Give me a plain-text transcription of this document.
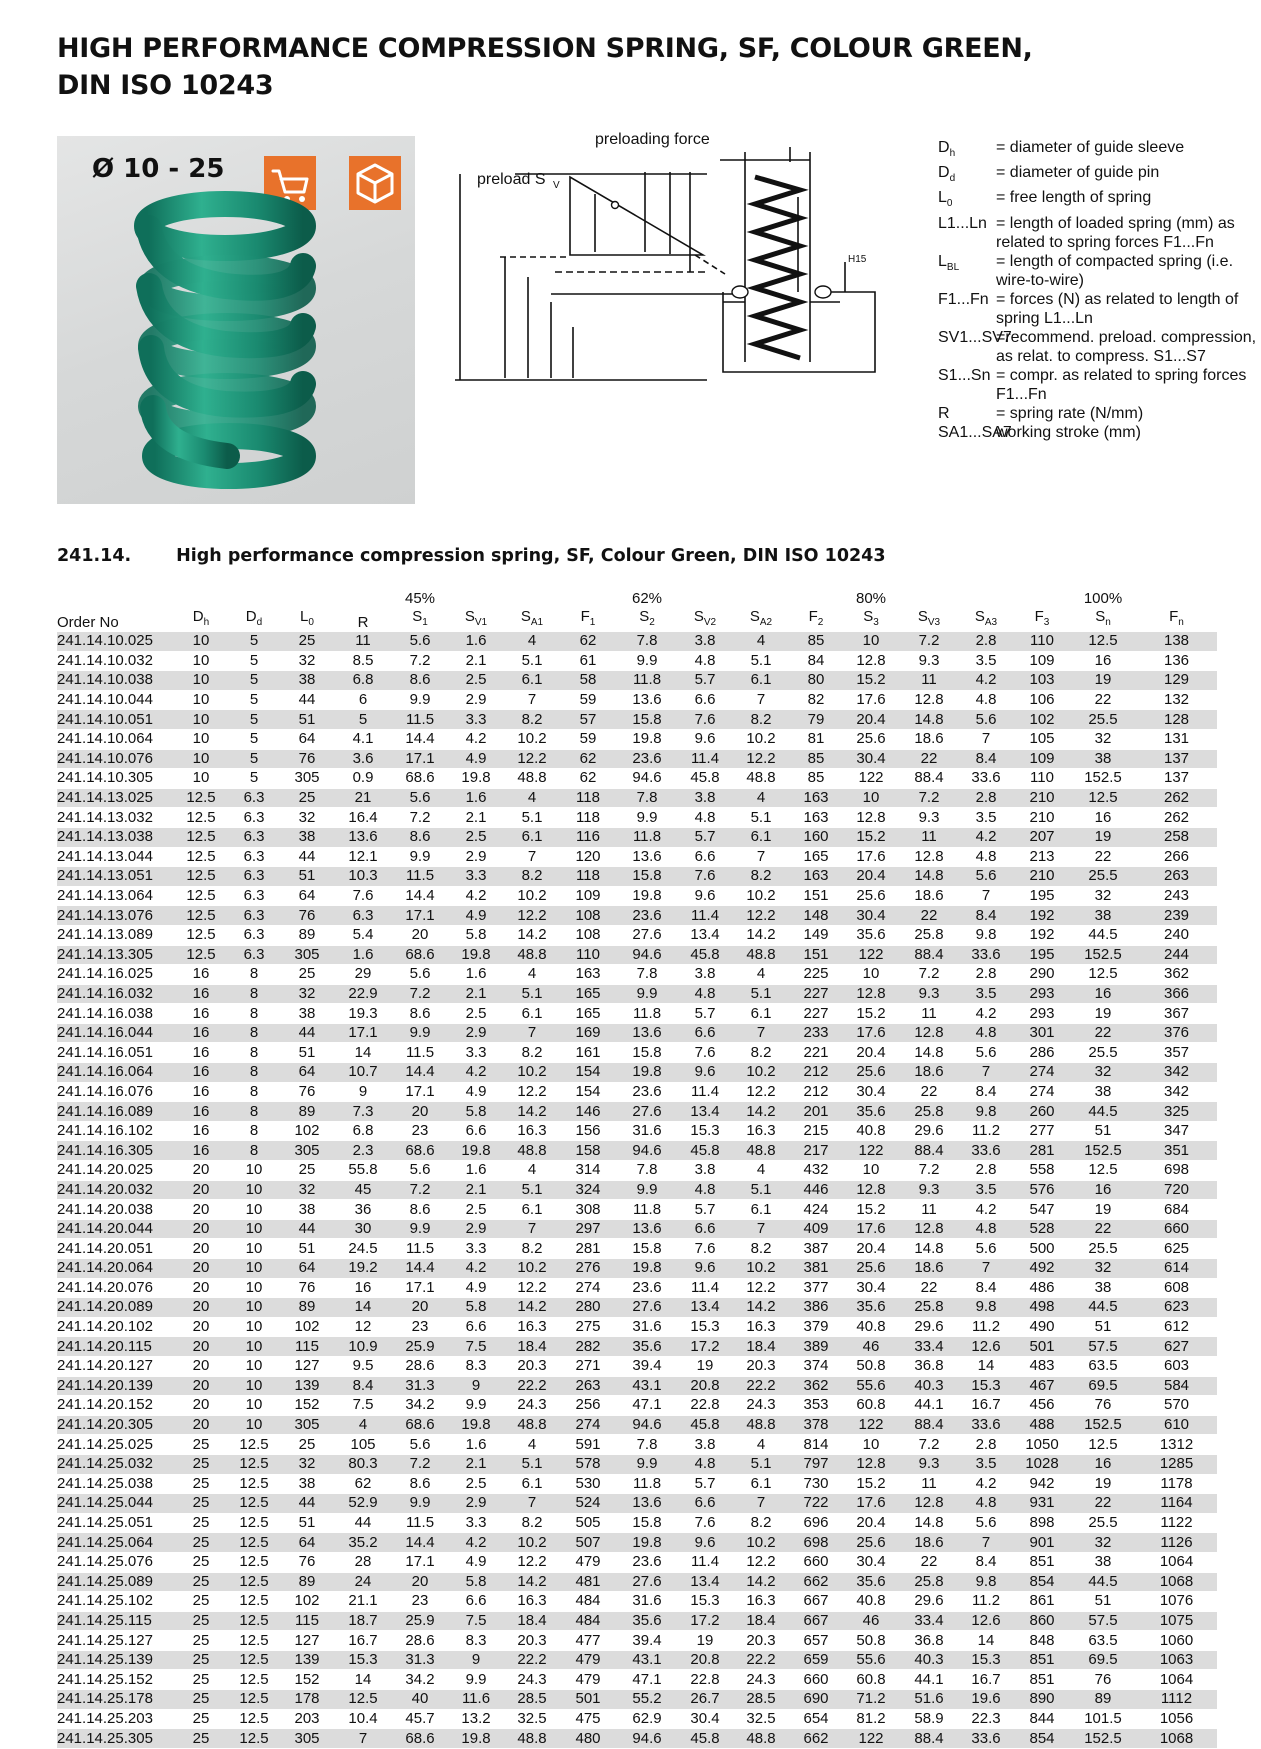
HIGH PERFORMANCE COMPRESSION SPRING, SF, COLOUR GREEN,
DIN ISO 10243
Ø 10 - 25
preloading force
preload S V
H15
$D_h$	= diameter of guide sleeve
$D_d$	= diameter of guide pin
$L_0$	= free length of spring
L1...Ln = length of loaded spring (mm) as related to spring forces F1...Fn
$L_{BL}$	= length of compacted spring (i.e. wire-to-wire)
F1...Fn = forces (N) as related to length of spring L1...Ln
SV1...SV7
=recommend. preload. compression, as relat. to compress. S1...S7
S1...Sn = compr. as related to spring forces F1...Fn
R	= spring rate (N/mm)
SA1...SA7
working stroke (mm)
241.14.	High performance compression spring, SF, Colour Green, DIN ISO 10243
					45%				62%				80%				100%	
Order No	$D_h$	$D_d$	$L_0$	R	$S_1$	$S_{V1}$	$S_{A1}$	$F_1$	$S_2$	$S_{V2}$	$S_{A2}$	$F_2$	$S_3$	$S_{V3}$	$S_{A3}$	$F_3$	$S_n$	$F_n$
241.14.10.025	10	5	25	11	5.6	1.6	4	62	7.8	3.8	4	85	10	7.2	2.8	110	12.5	138
241.14.10.032	10	5	32	8.5	7.2	2.1	5.1	61	9.9	4.8	5.1	84	12.8	9.3	3.5	109	16	136
241.14.10.038	10	5	38	6.8	8.6	2.5	6.1	58	11.8	5.7	6.1	80	15.2	11	4.2	103	19	129
241.14.10.044	10	5	44	6	9.9	2.9	7	59	13.6	6.6	7	82	17.6	12.8	4.8	106	22	132
241.14.10.051	10	5	51	5	11.5	3.3	8.2	57	15.8	7.6	8.2	79	20.4	14.8	5.6	102	25.5	128
241.14.10.064	10	5	64	4.1	14.4	4.2	10.2	59	19.8	9.6	10.2	81	25.6	18.6	7	105	32	131
241.14.10.076	10	5	76	3.6	17.1	4.9	12.2	62	23.6	11.4	12.2	85	30.4	22	8.4	109	38	137
241.14.10.305	10	5	305	0.9	68.6	19.8	48.8	62	94.6	45.8	48.8	85	122	88.4	33.6	110	152.5	137
241.14.13.025	12.5	6.3	25	21	5.6	1.6	4	118	7.8	3.8	4	163	10	7.2	2.8	210	12.5	262
241.14.13.032	12.5	6.3	32	16.4	7.2	2.1	5.1	118	9.9	4.8	5.1	163	12.8	9.3	3.5	210	16	262
241.14.13.038	12.5	6.3	38	13.6	8.6	2.5	6.1	116	11.8	5.7	6.1	160	15.2	11	4.2	207	19	258
241.14.13.044	12.5	6.3	44	12.1	9.9	2.9	7	120	13.6	6.6	7	165	17.6	12.8	4.8	213	22	266
241.14.13.051	12.5	6.3	51	10.3	11.5	3.3	8.2	118	15.8	7.6	8.2	163	20.4	14.8	5.6	210	25.5	263
241.14.13.064	12.5	6.3	64	7.6	14.4	4.2	10.2	109	19.8	9.6	10.2	151	25.6	18.6	7	195	32	243
241.14.13.076	12.5	6.3	76	6.3	17.1	4.9	12.2	108	23.6	11.4	12.2	148	30.4	22	8.4	192	38	239
241.14.13.089	12.5	6.3	89	5.4	20	5.8	14.2	108	27.6	13.4	14.2	149	35.6	25.8	9.8	192	44.5	240
241.14.13.305	12.5	6.3	305	1.6	68.6	19.8	48.8	110	94.6	45.8	48.8	151	122	88.4	33.6	195	152.5	244
241.14.16.025	16	8	25	29	5.6	1.6	4	163	7.8	3.8	4	225	10	7.2	2.8	290	12.5	362
241.14.16.032	16	8	32	22.9	7.2	2.1	5.1	165	9.9	4.8	5.1	227	12.8	9.3	3.5	293	16	366
241.14.16.038	16	8	38	19.3	8.6	2.5	6.1	165	11.8	5.7	6.1	227	15.2	11	4.2	293	19	367
241.14.16.044	16	8	44	17.1	9.9	2.9	7	169	13.6	6.6	7	233	17.6	12.8	4.8	301	22	376
241.14.16.051	16	8	51	14	11.5	3.3	8.2	161	15.8	7.6	8.2	221	20.4	14.8	5.6	286	25.5	357
241.14.16.064	16	8	64	10.7	14.4	4.2	10.2	154	19.8	9.6	10.2	212	25.6	18.6	7	274	32	342
241.14.16.076	16	8	76	9	17.1	4.9	12.2	154	23.6	11.4	12.2	212	30.4	22	8.4	274	38	342
241.14.16.089	16	8	89	7.3	20	5.8	14.2	146	27.6	13.4	14.2	201	35.6	25.8	9.8	260	44.5	325
241.14.16.102	16	8	102	6.8	23	6.6	16.3	156	31.6	15.3	16.3	215	40.8	29.6	11.2	277	51	347
241.14.16.305	16	8	305	2.3	68.6	19.8	48.8	158	94.6	45.8	48.8	217	122	88.4	33.6	281	152.5	351
241.14.20.025	20	10	25	55.8	5.6	1.6	4	314	7.8	3.8	4	432	10	7.2	2.8	558	12.5	698
241.14.20.032	20	10	32	45	7.2	2.1	5.1	324	9.9	4.8	5.1	446	12.8	9.3	3.5	576	16	720
241.14.20.038	20	10	38	36	8.6	2.5	6.1	308	11.8	5.7	6.1	424	15.2	11	4.2	547	19	684
241.14.20.044	20	10	44	30	9.9	2.9	7	297	13.6	6.6	7	409	17.6	12.8	4.8	528	22	660
241.14.20.051	20	10	51	24.5	11.5	3.3	8.2	281	15.8	7.6	8.2	387	20.4	14.8	5.6	500	25.5	625
241.14.20.064	20	10	64	19.2	14.4	4.2	10.2	276	19.8	9.6	10.2	381	25.6	18.6	7	492	32	614
241.14.20.076	20	10	76	16	17.1	4.9	12.2	274	23.6	11.4	12.2	377	30.4	22	8.4	486	38	608
241.14.20.089	20	10	89	14	20	5.8	14.2	280	27.6	13.4	14.2	386	35.6	25.8	9.8	498	44.5	623
241.14.20.102	20	10	102	12	23	6.6	16.3	275	31.6	15.3	16.3	379	40.8	29.6	11.2	490	51	612
241.14.20.115	20	10	115	10.9	25.9	7.5	18.4	282	35.6	17.2	18.4	389	46	33.4	12.6	501	57.5	627
241.14.20.127	20	10	127	9.5	28.6	8.3	20.3	271	39.4	19	20.3	374	50.8	36.8	14	483	63.5	603
241.14.20.139	20	10	139	8.4	31.3	9	22.2	263	43.1	20.8	22.2	362	55.6	40.3	15.3	467	69.5	584
241.14.20.152	20	10	152	7.5	34.2	9.9	24.3	256	47.1	22.8	24.3	353	60.8	44.1	16.7	456	76	570
241.14.20.305	20	10	305	4	68.6	19.8	48.8	274	94.6	45.8	48.8	378	122	88.4	33.6	488	152.5	610
241.14.25.025	25	12.5	25	105	5.6	1.6	4	591	7.8	3.8	4	814	10	7.2	2.8	1050	12.5	1312
241.14.25.032	25	12.5	32	80.3	7.2	2.1	5.1	578	9.9	4.8	5.1	797	12.8	9.3	3.5	1028	16	1285
241.14.25.038	25	12.5	38	62	8.6	2.5	6.1	530	11.8	5.7	6.1	730	15.2	11	4.2	942	19	1178
241.14.25.044	25	12.5	44	52.9	9.9	2.9	7	524	13.6	6.6	7	722	17.6	12.8	4.8	931	22	1164
241.14.25.051	25	12.5	51	44	11.5	3.3	8.2	505	15.8	7.6	8.2	696	20.4	14.8	5.6	898	25.5	1122
241.14.25.064	25	12.5	64	35.2	14.4	4.2	10.2	507	19.8	9.6	10.2	698	25.6	18.6	7	901	32	1126
241.14.25.076	25	12.5	76	28	17.1	4.9	12.2	479	23.6	11.4	12.2	660	30.4	22	8.4	851	38	1064
241.14.25.089	25	12.5	89	24	20	5.8	14.2	481	27.6	13.4	14.2	662	35.6	25.8	9.8	854	44.5	1068
241.14.25.102	25	12.5	102	21.1	23	6.6	16.3	484	31.6	15.3	16.3	667	40.8	29.6	11.2	861	51	1076
241.14.25.115	25	12.5	115	18.7	25.9	7.5	18.4	484	35.6	17.2	18.4	667	46	33.4	12.6	860	57.5	1075
241.14.25.127	25	12.5	127	16.7	28.6	8.3	20.3	477	39.4	19	20.3	657	50.8	36.8	14	848	63.5	1060
241.14.25.139	25	12.5	139	15.3	31.3	9	22.2	479	43.1	20.8	22.2	659	55.6	40.3	15.3	851	69.5	1063
241.14.25.152	25	12.5	152	14	34.2	9.9	24.3	479	47.1	22.8	24.3	660	60.8	44.1	16.7	851	76	1064
241.14.25.178	25	12.5	178	12.5	40	11.6	28.5	501	55.2	26.7	28.5	690	71.2	51.6	19.6	890	89	1112
241.14.25.203	25	12.5	203	10.4	45.7	13.2	32.5	475	62.9	30.4	32.5	654	81.2	58.9	22.3	844	101.5	1056
241.14.25.305	25	12.5	305	7	68.6	19.8	48.8	480	94.6	45.8	48.8	662	122	88.4	33.6	854	152.5	1068
